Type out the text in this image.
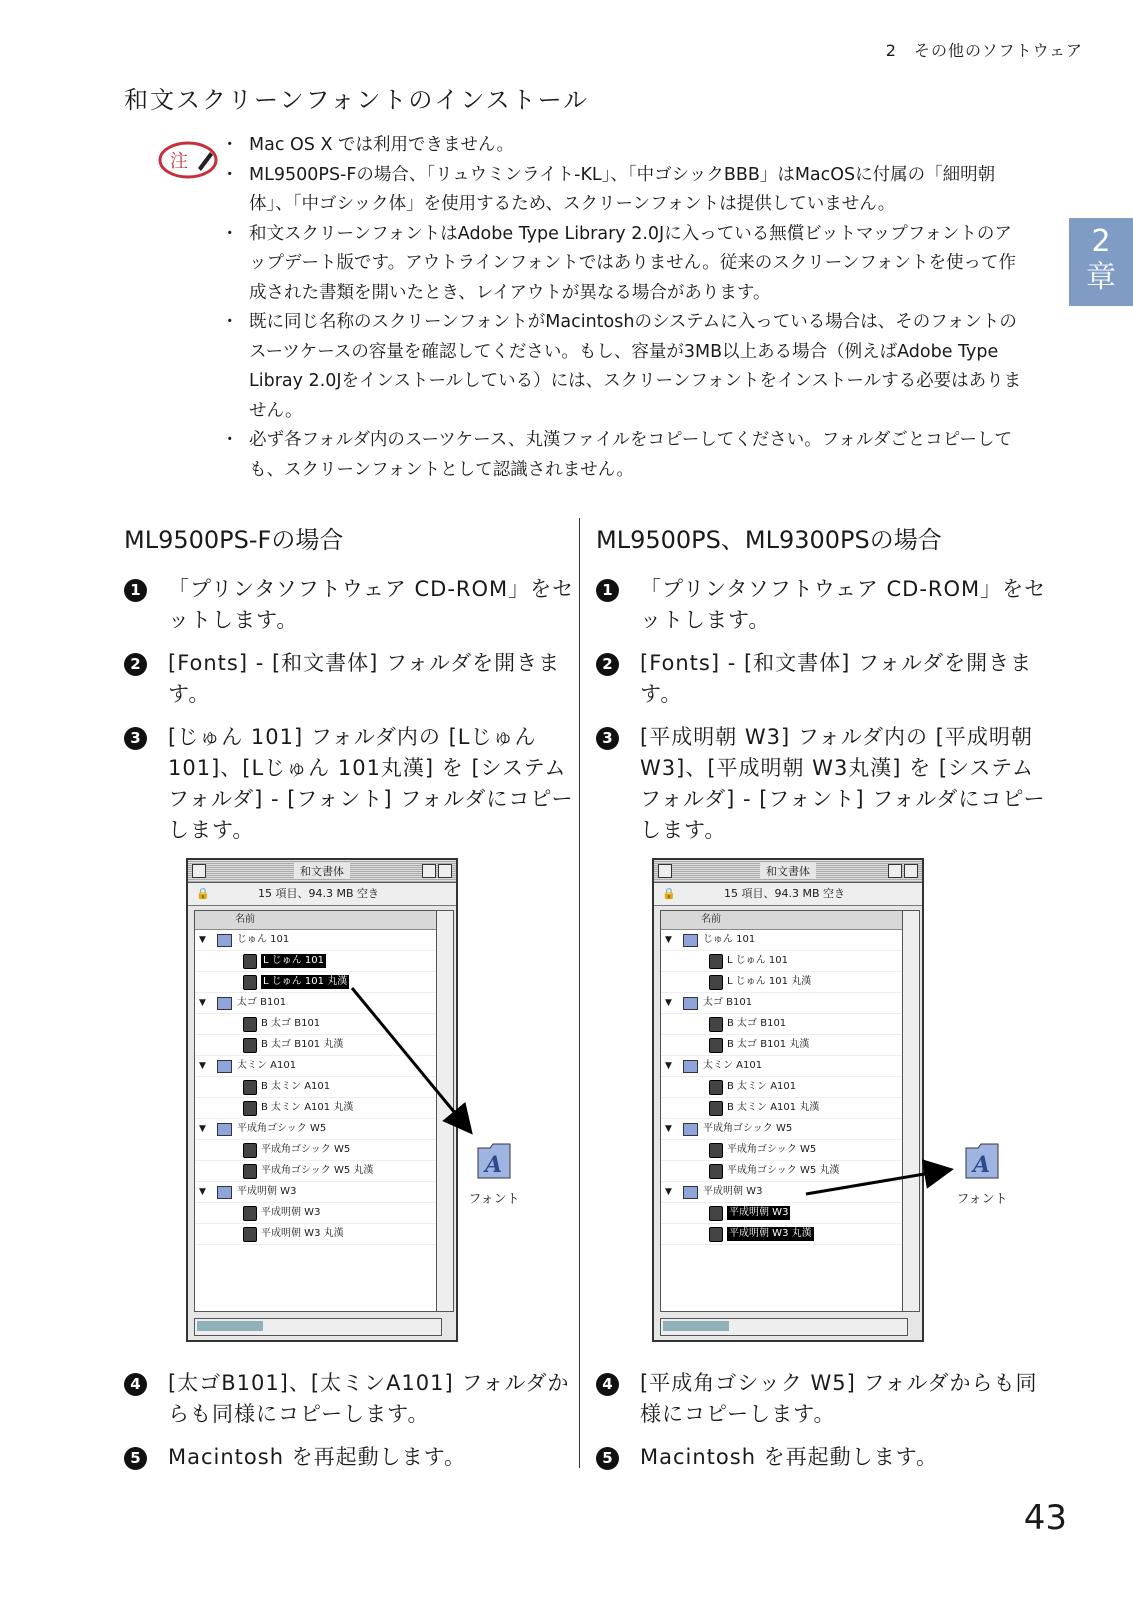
2　その他のソフトウェア
2
章
和文スクリーンフォントのインストール
注
・ Mac OS X では利用できません。
・ ML9500PS-Fの場合、「リュウミンライト-KL」、「中ゴシックBBB」はMacOSに付属の「細明朝体」、「中ゴシック体」を使用するため、スクリーンフォントは提供していません。
・ 和文スクリーンフォントはAdobe Type Library 2.0Jに入っている無償ビットマップフォントのアップデート版です。アウトラインフォントではありません。従来のスクリーンフォントを使って作成された書類を開いたとき、レイアウトが異なる場合があります。
・ 既に同じ名称のスクリーンフォントがMacintoshのシステムに入っている場合は、そのフォントのスーツケースの容量を確認してください。もし、容量が3MB以上ある場合（例えばAdobe Type Libray 2.0Jをインストールしている）には、スクリーンフォントをインストールする必要はありません。
・ 必ず各フォルダ内のスーツケース、丸漢ファイルをコピーしてください。フォルダごとコピーしても、スクリーンフォントとして認識されません。
ML9500PS-Fの場合
1 「プリンタソフトウェア CD-ROM」をセットします。
2 [Fonts] - [和文書体] フォルダを開きます。
3 [じゅん 101] フォルダ内の [Lじゅん 101]、[Lじゅん 101丸漢] を [システムフォルダ] - [フォント] フォルダにコピーします。
和文書体
🔒	15 項目、94.3 MB 空き
名前
▼	じゅん 101
L じゅん 101
L じゅん 101 丸漢
▼	太ゴ B101
B 太ゴ B101
B 太ゴ B101 丸漢
▼	太ミン A101
B 太ミン A101
B 太ミン A101 丸漢
▼	平成角ゴシック W5
平成角ゴシック W5
平成角ゴシック W5 丸漢
▼	平成明朝 W3
平成明朝 W3
平成明朝 W3 丸漢
A
フォント
4 [太ゴB101]、[太ミンA101] フォルダからも同様にコピーします。
5 Macintosh を再起動します。
ML9500PS、ML9300PSの場合
1 「プリンタソフトウェア CD-ROM」をセットします。
2 [Fonts] - [和文書体] フォルダを開きます。
3 [平成明朝 W3] フォルダ内の [平成明朝 W3]、[平成明朝 W3丸漢] を [システムフォルダ] - [フォント] フォルダにコピーします。
和文書体
🔒	15 項目、94.3 MB 空き
名前
▼	じゅん 101
L じゅん 101
L じゅん 101 丸漢
▼	太ゴ B101
B 太ゴ B101
B 太ゴ B101 丸漢
▼	太ミン A101
B 太ミン A101
B 太ミン A101 丸漢
▼	平成角ゴシック W5
平成角ゴシック W5
平成角ゴシック W5 丸漢
▼	平成明朝 W3
平成明朝 W3
平成明朝 W3 丸漢
A
フォント
4 [平成角ゴシック W5] フォルダからも同様にコピーします。
5 Macintosh を再起動します。
43
